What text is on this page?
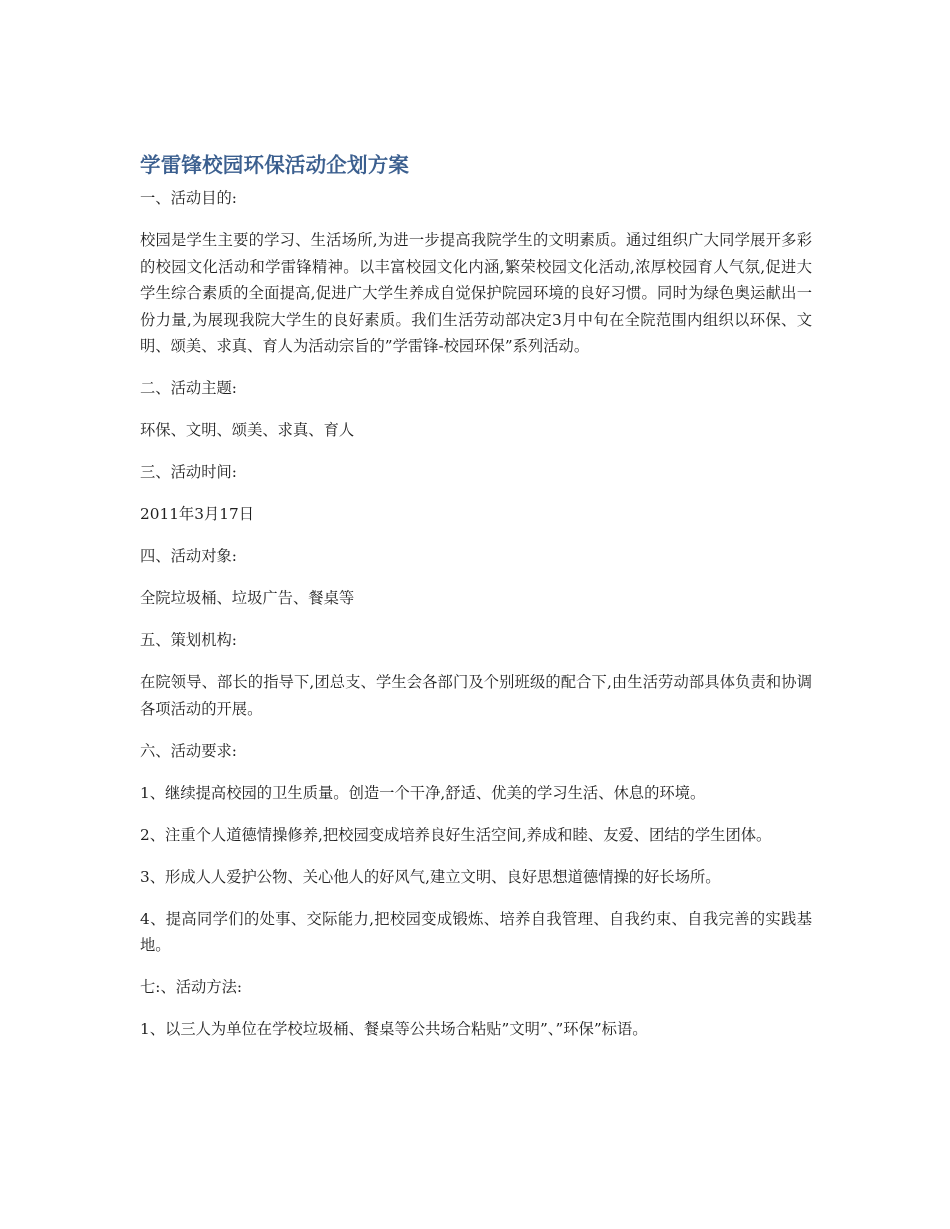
学雷锋校园环保活动企划方案

一、活动目的:

校园是学生主要的学习、生活场所,为进一步提高我院学生的文明素质。通过组织广大同学展开多彩的校园文化活动和学雷锋精神。以丰富校园文化内涵,繁荣校园文化活动,浓厚校园育人气氛,促进大学生综合素质的全面提高,促进广大学生养成自觉保护院园环境的良好习惯。同时为绿色奥运献出一份力量,为展现我院大学生的良好素质。我们生活劳动部决定3月中旬在全院范围内组织以环保、文明、颂美、求真、育人为活动宗旨的”学雷锋-校园环保”系列活动。

二、活动主题:

环保、文明、颂美、求真、育人

三、活动时间:

2011年3月17日

四、活动对象:

全院垃圾桶、垃圾广告、餐桌等

五、策划机构:

在院领导、部长的指导下,团总支、学生会各部门及个别班级的配合下,由生活劳动部具体负责和协调各项活动的开展。

六、活动要求:

1、继续提高校园的卫生质量。创造一个干净,舒适、优美的学习生活、休息的环境。

2、注重个人道德情操修养,把校园变成培养良好生活空间,养成和睦、友爱、团结的学生团体。

3、形成人人爱护公物、关心他人的好风气,建立文明、良好思想道德情操的好长场所。

4、提高同学们的处事、交际能力,把校园变成锻炼、培养自我管理、自我约束、自我完善的实践基地。

七:、活动方法:

1、以三人为单位在学校垃圾桶、餐桌等公共场合粘贴”文明”、”环保”标语。
